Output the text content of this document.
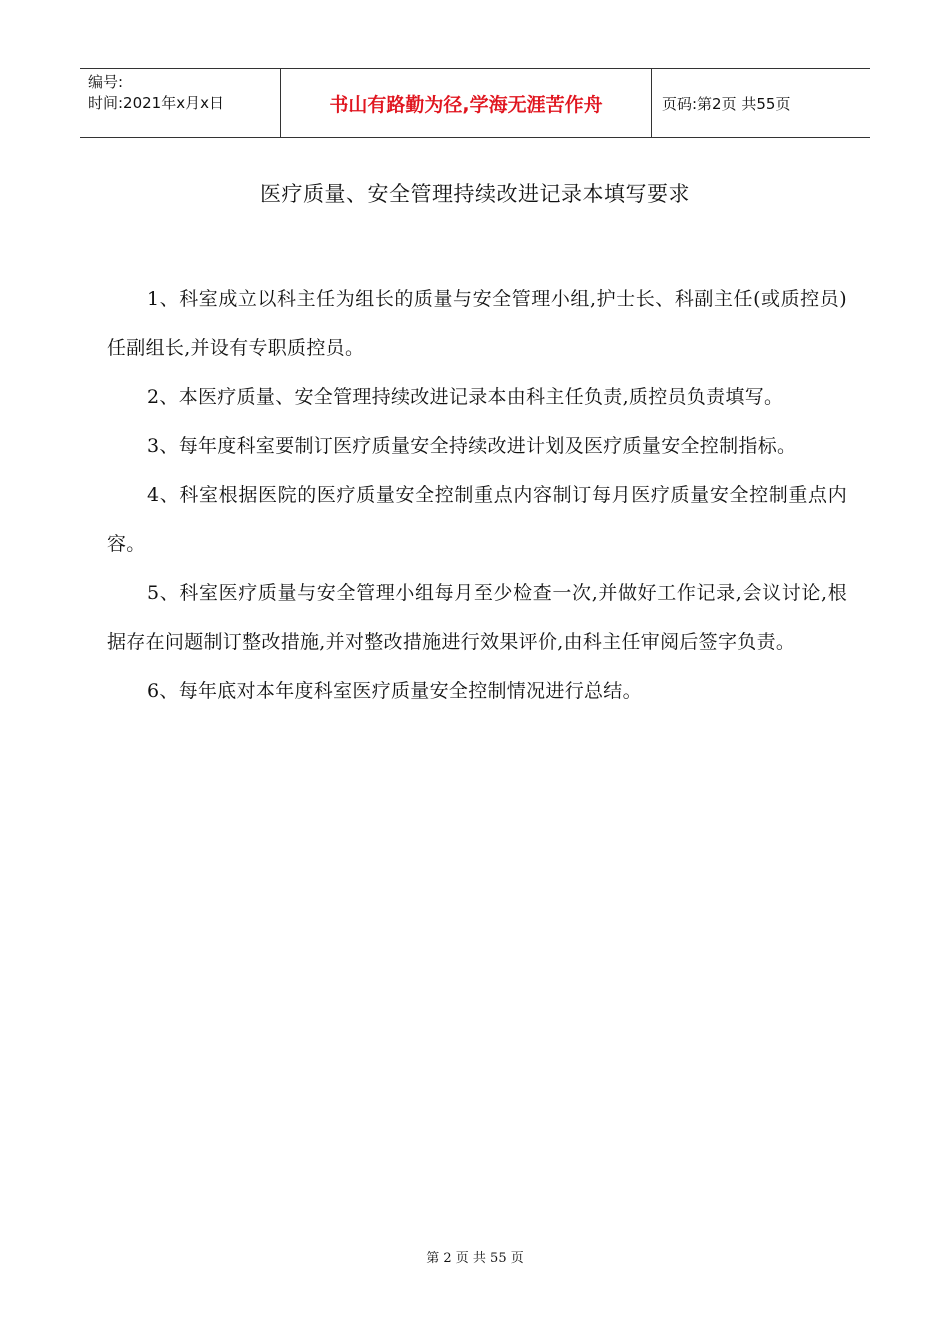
编号:
时间:2021年x月x日	书山有路勤为径,学海无涯苦作舟	页码:第2页 共55页
医疗质量、安全管理持续改进记录本填写要求

1、科室成立以科主任为组长的质量与安全管理小组,护士长、科副主任(或质控员)任副组长,并设有专职质控员。

2、本医疗质量、安全管理持续改进记录本由科主任负责,质控员负责填写。

3、每年度科室要制订医疗质量安全持续改进计划及医疗质量安全控制指标。

4、科室根据医院的医疗质量安全控制重点内容制订每月医疗质量安全控制重点内容。

5、科室医疗质量与安全管理小组每月至少检查一次,并做好工作记录,会议讨论,根据存在问题制订整改措施,并对整改措施进行效果评价,由科主任审阅后签字负责。

6、每年底对本年度科室医疗质量安全控制情况进行总结。

第 2 页 共 55 页
